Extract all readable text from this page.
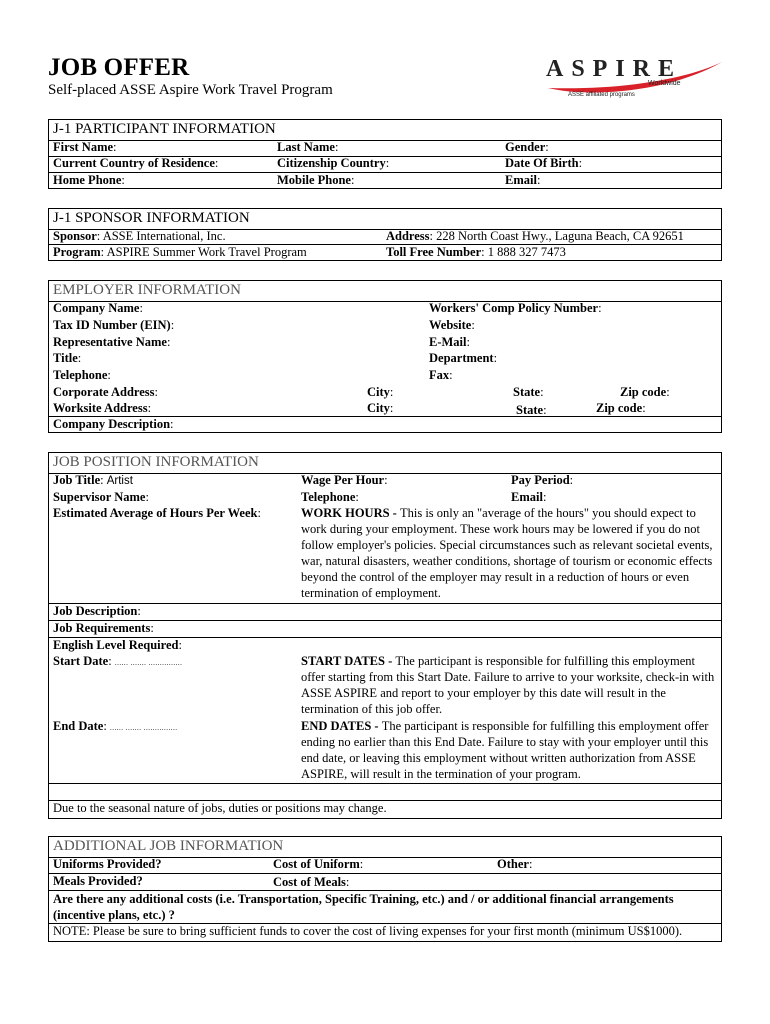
JOB OFFER
Self-placed ASSE Aspire Work Travel Program
ASPIRE
Worldwide
ASSE affiliated programs
J-1 PARTICIPANT INFORMATION
First Name:	Last Name:	Gender:
Current Country of Residence:	Citizenship Country:	Date Of Birth:
Home Phone:	Mobile Phone:	Email:
J-1 SPONSOR INFORMATION
Sponsor: ASSE International, Inc.	Address: 228 North Coast Hwy., Laguna Beach, CA 92651
Program: ASPIRE Summer Work Travel Program	Toll Free Number: 1 888 327 7473
EMPLOYER INFORMATION
Company Name:	Workers' Comp Policy Number:
Tax ID Number (EIN):	Website:
Representative Name:	E-Mail:
Title:	Department:
Telephone:	Fax:
Corporate Address:	City:	State:	Zip code:
Worksite Address:	City:	State:	Zip code:
Company Description:
JOB POSITION INFORMATION
Job Title: Artist	Wage Per Hour:	Pay Period:
Supervisor Name:	Telephone:	Email:
Estimated Average of Hours Per Week:	WORK HOURS - This is only an "average of the hours" you should expect to work during your employment. These work hours may be lowered if you do not follow employer's policies. Special circumstances such as relevant societal events, war, natural disasters, weather conditions, shortage of tourism or economic effects beyond the control of the employer may result in a reduction of hours or even termination of employment.
Job Description:
Job Requirements:
English Level Required:
Start Date: ...... ....... ...............	START DATES - The participant is responsible for fulfilling this employment offer starting from this Start Date. Failure to arrive to your worksite, check-in with ASSE ASPIRE and report to your employer by this date will result in the termination of this job offer.
End Date: ...... ....... ...............	END DATES - The participant is responsible for fulfilling this employment offer ending no earlier than this End Date. Failure to stay with your employer until this end date, or leaving this employment without written authorization from ASSE ASPIRE, will result in the termination of your program.
Due to the seasonal nature of jobs, duties or positions may change.
ADDITIONAL JOB INFORMATION
Uniforms Provided?	Cost of Uniform:	Other:
Meals Provided?	Cost of Meals:
Are there any additional costs (i.e. Transportation, Specific Training, etc.) and / or additional financial arrangements (incentive plans, etc.) ?
NOTE: Please be sure to bring sufficient funds to cover the cost of living expenses for your first month (minimum US$1000).
